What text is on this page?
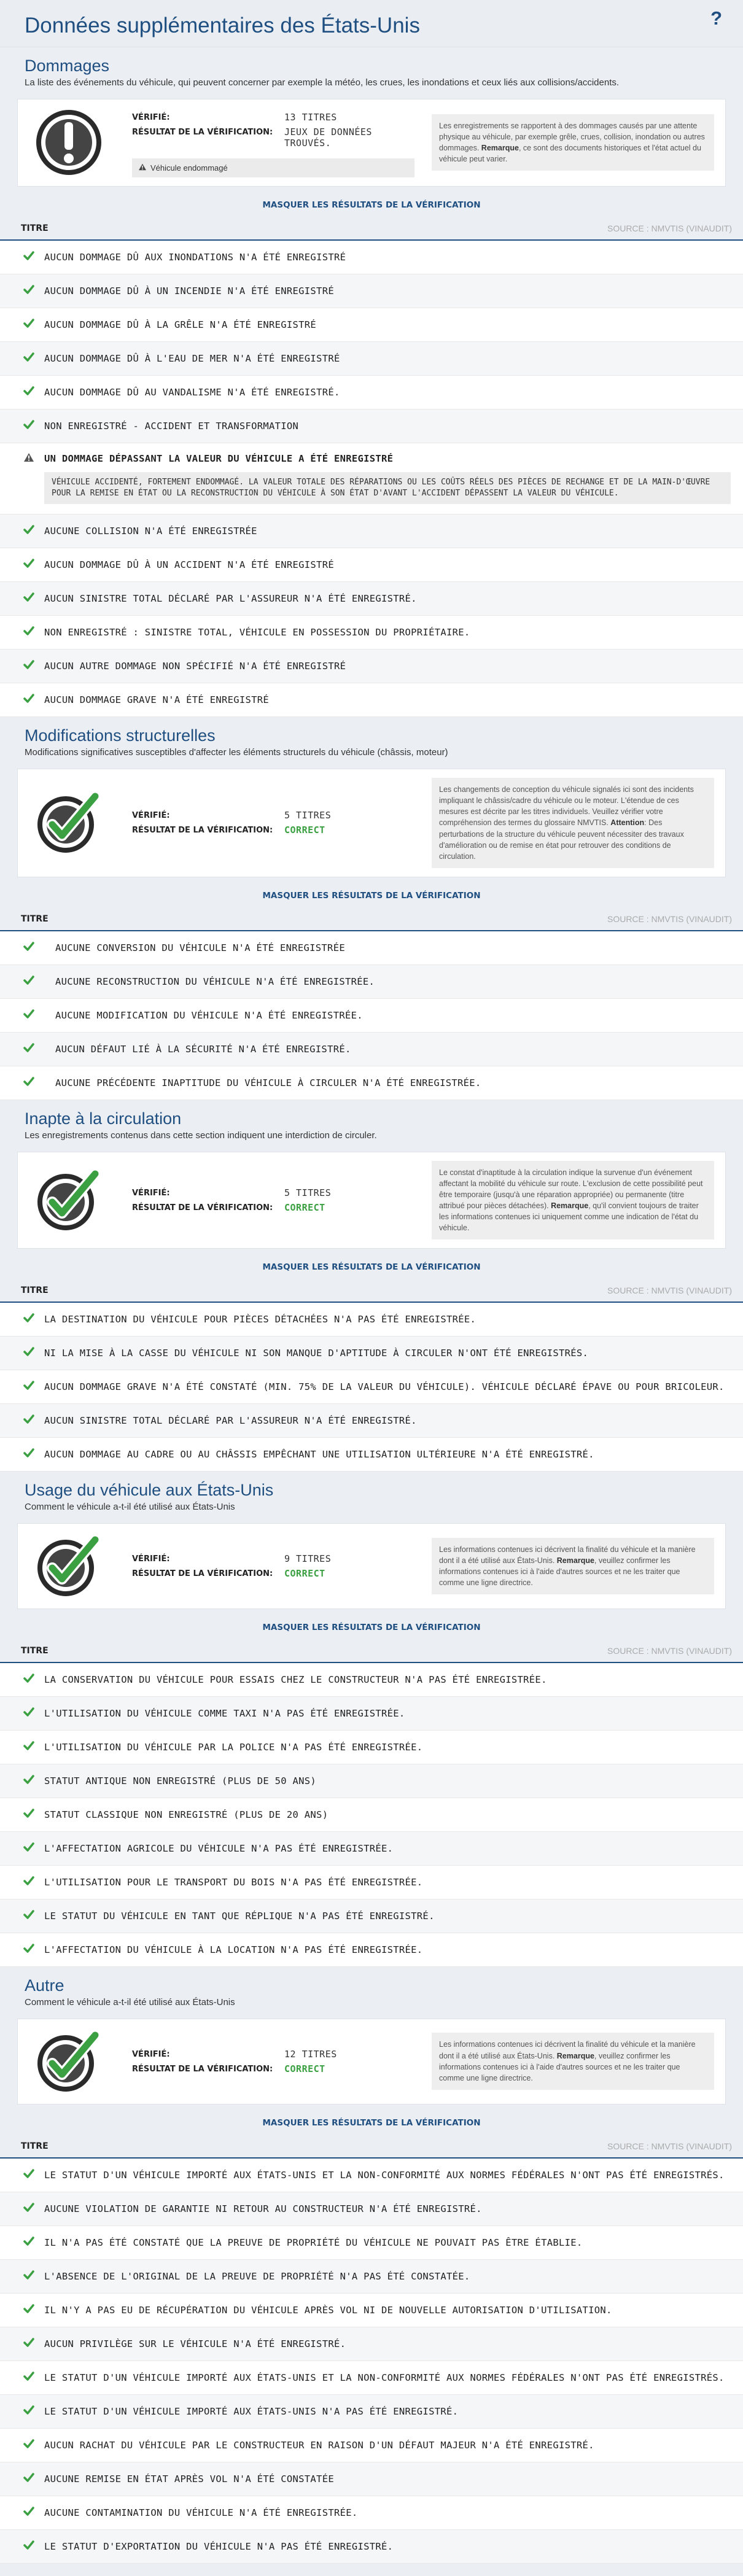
Données supplémentaires des États-Unis	?
Dommages
La liste des événements du véhicule, qui peuvent concerner par exemple la météo, les crues, les inondations et ceux liés aux collisions/accidents.
VÉRIFIÉ:	13 TITRES
RÉSULTAT DE LA VÉRIFICATION:	JEUX DE DONNÉES TROUVÉS.
Véhicule endommagé
Les enregistrements se rapportent à des dommages causés par une attente physique au véhicule, par exemple grêle, crues, collision, inondation ou autres dommages. Remarque, ce sont des documents historiques et l'état actuel du véhicule peut varier.
MASQUER LES RÉSULTATS DE LA VÉRIFICATION
TITRE	SOURCE : NMVTIS (VINAUDIT)
AUCUN DOMMAGE DÛ AUX INONDATIONS N'A ÉTÉ ENREGISTRÉ
AUCUN DOMMAGE DÛ À UN INCENDIE N'A ÉTÉ ENREGISTRÉ
AUCUN DOMMAGE DÛ À LA GRÊLE N'A ÉTÉ ENREGISTRÉ
AUCUN DOMMAGE DÛ À L'EAU DE MER N'A ÉTÉ ENREGISTRÉ
AUCUN DOMMAGE DÛ AU VANDALISME N'A ÉTÉ ENREGISTRÉ.
NON ENREGISTRÉ - ACCIDENT ET TRANSFORMATION
UN DOMMAGE DÉPASSANT LA VALEUR DU VÉHICULE A ÉTÉ ENREGISTRÉ
VÉHICULE ACCIDENTÉ, FORTEMENT ENDOMMAGÉ. LA VALEUR TOTALE DES RÉPARATIONS OU LES COÛTS RÉELS DES PIÈCES DE RECHANGE ET DE LA MAIN-D'ŒUVRE POUR LA REMISE EN ÉTAT OU LA RECONSTRUCTION DU VÉHICULE À SON ÉTAT D'AVANT L'ACCIDENT DÉPASSENT LA VALEUR DU VÉHICULE.
AUCUNE COLLISION N'A ÉTÉ ENREGISTRÉE
AUCUN DOMMAGE DÛ À UN ACCIDENT N'A ÉTÉ ENREGISTRÉ
AUCUN SINISTRE TOTAL DÉCLARÉ PAR L'ASSUREUR N'A ÉTÉ ENREGISTRÉ.
NON ENREGISTRÉ : SINISTRE TOTAL, VÉHICULE EN POSSESSION DU PROPRIÉTAIRE.
AUCUN AUTRE DOMMAGE NON SPÉCIFIÉ N'A ÉTÉ ENREGISTRÉ
AUCUN DOMMAGE GRAVE N'A ÉTÉ ENREGISTRÉ
Modifications structurelles
Modifications significatives susceptibles d'affecter les éléments structurels du véhicule (châssis, moteur)
VÉRIFIÉ:	5 TITRES
RÉSULTAT DE LA VÉRIFICATION:	CORRECT
Les changements de conception du véhicule signalés ici sont des incidents impliquant le châssis/cadre du véhicule ou le moteur. L'étendue de ces mesures est décrite par les titres individuels. Veuillez vérifier votre compréhension des termes du glossaire NMVTIS. Attention: Des perturbations de la structure du véhicule peuvent nécessiter des travaux d'amélioration ou de remise en état pour retrouver des conditions de circulation.
MASQUER LES RÉSULTATS DE LA VÉRIFICATION
TITRE	SOURCE : NMVTIS (VINAUDIT)
AUCUNE CONVERSION DU VÉHICULE N'A ÉTÉ ENREGISTRÉE
AUCUNE RECONSTRUCTION DU VÉHICULE N'A ÉTÉ ENREGISTRÉE.
AUCUNE MODIFICATION DU VÉHICULE N'A ÉTÉ ENREGISTRÉE.
AUCUN DÉFAUT LIÉ À LA SÉCURITÉ N'A ÉTÉ ENREGISTRÉ.
AUCUNE PRÉCÉDENTE INAPTITUDE DU VÉHICULE À CIRCULER N'A ÉTÉ ENREGISTRÉE.
Inapte à la circulation
Les enregistrements contenus dans cette section indiquent une interdiction de circuler.
VÉRIFIÉ:	5 TITRES
RÉSULTAT DE LA VÉRIFICATION:	CORRECT
Le constat d'inaptitude à la circulation indique la survenue d'un événement affectant la mobilité du véhicule sur route. L'exclusion de cette possibilité peut être temporaire (jusqu'à une réparation appropriée) ou permanente (titre attribué pour pièces détachées). Remarque, qu'il convient toujours de traiter les informations contenues ici uniquement comme une indication de l'état du véhicule.
MASQUER LES RÉSULTATS DE LA VÉRIFICATION
TITRE	SOURCE : NMVTIS (VINAUDIT)
LA DESTINATION DU VÉHICULE POUR PIÈCES DÉTACHÉES N'A PAS ÉTÉ ENREGISTRÉE.
NI LA MISE À LA CASSE DU VÉHICULE NI SON MANQUE D'APTITUDE À CIRCULER N'ONT ÉTÉ ENREGISTRÉS.
AUCUN DOMMAGE GRAVE N'A ÉTÉ CONSTATÉ (MIN. 75% DE LA VALEUR DU VÉHICULE). VÉHICULE DÉCLARÉ ÉPAVE OU POUR BRICOLEUR.
AUCUN SINISTRE TOTAL DÉCLARÉ PAR L'ASSUREUR N'A ÉTÉ ENREGISTRÉ.
AUCUN DOMMAGE AU CADRE OU AU CHÂSSIS EMPÊCHANT UNE UTILISATION ULTÉRIEURE N'A ÉTÉ ENREGISTRÉ.
Usage du véhicule aux États-Unis
Comment le véhicule a-t-il été utilisé aux États-Unis
VÉRIFIÉ:	9 TITRES
RÉSULTAT DE LA VÉRIFICATION:	CORRECT
Les informations contenues ici décrivent la finalité du véhicule et la manière dont il a été utilisé aux États-Unis. Remarque, veuillez confirmer les informations contenues ici à l'aide d'autres sources et ne les traiter que comme une ligne directrice.
MASQUER LES RÉSULTATS DE LA VÉRIFICATION
TITRE	SOURCE : NMVTIS (VINAUDIT)
LA CONSERVATION DU VÉHICULE POUR ESSAIS CHEZ LE CONSTRUCTEUR N'A PAS ÉTÉ ENREGISTRÉE.
L'UTILISATION DU VÉHICULE COMME TAXI N'A PAS ÉTÉ ENREGISTRÉE.
L'UTILISATION DU VÉHICULE PAR LA POLICE N'A PAS ÉTÉ ENREGISTRÉE.
STATUT ANTIQUE NON ENREGISTRÉ (PLUS DE 50 ANS)
STATUT CLASSIQUE NON ENREGISTRÉ (PLUS DE 20 ANS)
L'AFFECTATION AGRICOLE DU VÉHICULE N'A PAS ÉTÉ ENREGISTRÉE.
L'UTILISATION POUR LE TRANSPORT DU BOIS N'A PAS ÉTÉ ENREGISTRÉE.
LE STATUT DU VÉHICULE EN TANT QUE RÉPLIQUE N'A PAS ÉTÉ ENREGISTRÉ.
L'AFFECTATION DU VÉHICULE À LA LOCATION N'A PAS ÉTÉ ENREGISTRÉE.
Autre
Comment le véhicule a-t-il été utilisé aux États-Unis
VÉRIFIÉ:	12 TITRES
RÉSULTAT DE LA VÉRIFICATION:	CORRECT
Les informations contenues ici décrivent la finalité du véhicule et la manière dont il a été utilisé aux États-Unis. Remarque, veuillez confirmer les informations contenues ici à l'aide d'autres sources et ne les traiter que comme une ligne directrice.
MASQUER LES RÉSULTATS DE LA VÉRIFICATION
TITRE	SOURCE : NMVTIS (VINAUDIT)
LE STATUT D'UN VÉHICULE IMPORTÉ AUX ÉTATS-UNIS ET LA NON-CONFORMITÉ AUX NORMES FÉDÉRALES N'ONT PAS ÉTÉ ENREGISTRÉS.
AUCUNE VIOLATION DE GARANTIE NI RETOUR AU CONSTRUCTEUR N'A ÉTÉ ENREGISTRÉ.
IL N'A PAS ÉTÉ CONSTATÉ QUE LA PREUVE DE PROPRIÉTÉ DU VÉHICULE NE POUVAIT PAS ÊTRE ÉTABLIE.
L'ABSENCE DE L'ORIGINAL DE LA PREUVE DE PROPRIÉTÉ N'A PAS ÉTÉ CONSTATÉE.
IL N'Y A PAS EU DE RÉCUPÉRATION DU VÉHICULE APRÈS VOL NI DE NOUVELLE AUTORISATION D'UTILISATION.
AUCUN PRIVILÈGE SUR LE VÉHICULE N'A ÉTÉ ENREGISTRÉ.
LE STATUT D'UN VÉHICULE IMPORTÉ AUX ÉTATS-UNIS ET LA NON-CONFORMITÉ AUX NORMES FÉDÉRALES N'ONT PAS ÉTÉ ENREGISTRÉS.
LE STATUT D'UN VÉHICULE IMPORTÉ AUX ÉTATS-UNIS N'A PAS ÉTÉ ENREGISTRÉ.
AUCUN RACHAT DU VÉHICULE PAR LE CONSTRUCTEUR EN RAISON D'UN DÉFAUT MAJEUR N'A ÉTÉ ENREGISTRÉ.
AUCUNE REMISE EN ÉTAT APRÈS VOL N'A ÉTÉ CONSTATÉE
AUCUNE CONTAMINATION DU VÉHICULE N'A ÉTÉ ENREGISTRÉE.
LE STATUT D'EXPORTATION DU VÉHICULE N'A PAS ÉTÉ ENREGISTRÉ.
